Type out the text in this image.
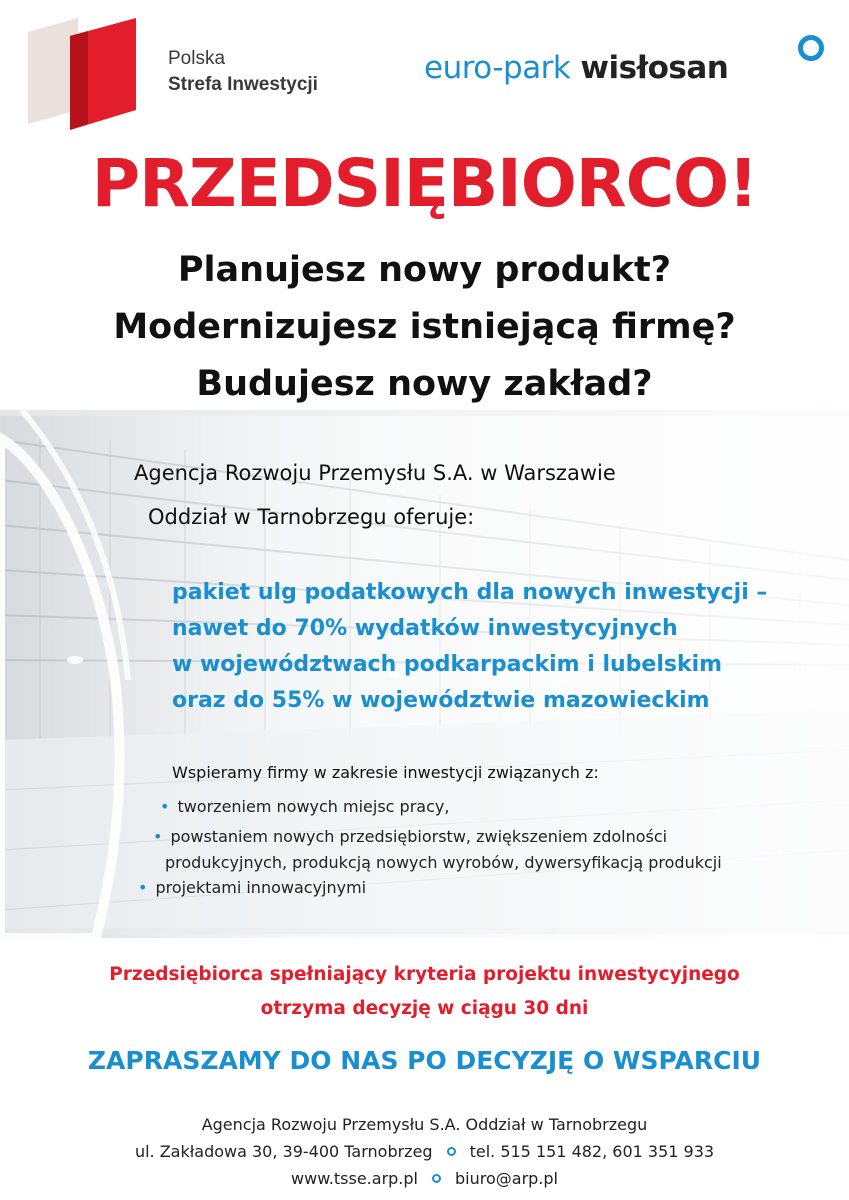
Polska
Strefa Inwestycji	euro-park wisłosan
PRZEDSIĘBIORCO!
Planujesz nowy produkt?
Modernizujesz istniejącą firmę?
Budujesz nowy zakład?
Agencja Rozwoju Przemysłu S.A. w Warszawie
Oddział w Tarnobrzegu oferuje:
pakiet ulg podatkowych dla nowych inwestycji –
nawet do 70% wydatków inwestycyjnych
w województwach podkarpackim i lubelskim
oraz do 55% w województwie mazowieckim
Wspieramy firmy w zakresie inwestycji związanych z:
• tworzeniem nowych miejsc pracy,
• powstaniem nowych przedsiębiorstw, zwiększeniem zdolności
produkcyjnych, produkcją nowych wyrobów, dywersyfikacją produkcji
• projektami innowacyjnymi
Przedsiębiorca spełniający kryteria projektu inwestycyjnego
otrzyma decyzję w ciągu 30 dni
ZAPRASZAMY DO NAS PO DECYZJĘ O WSPARCIU
Agencja Rozwoju Przemysłu S.A. Oddział w Tarnobrzegu
ul. Zakładowa 30, 39-400 Tarnobrzeg tel. 515 151 482, 601 351 933
www.tsse.arp.pl biuro@arp.pl
